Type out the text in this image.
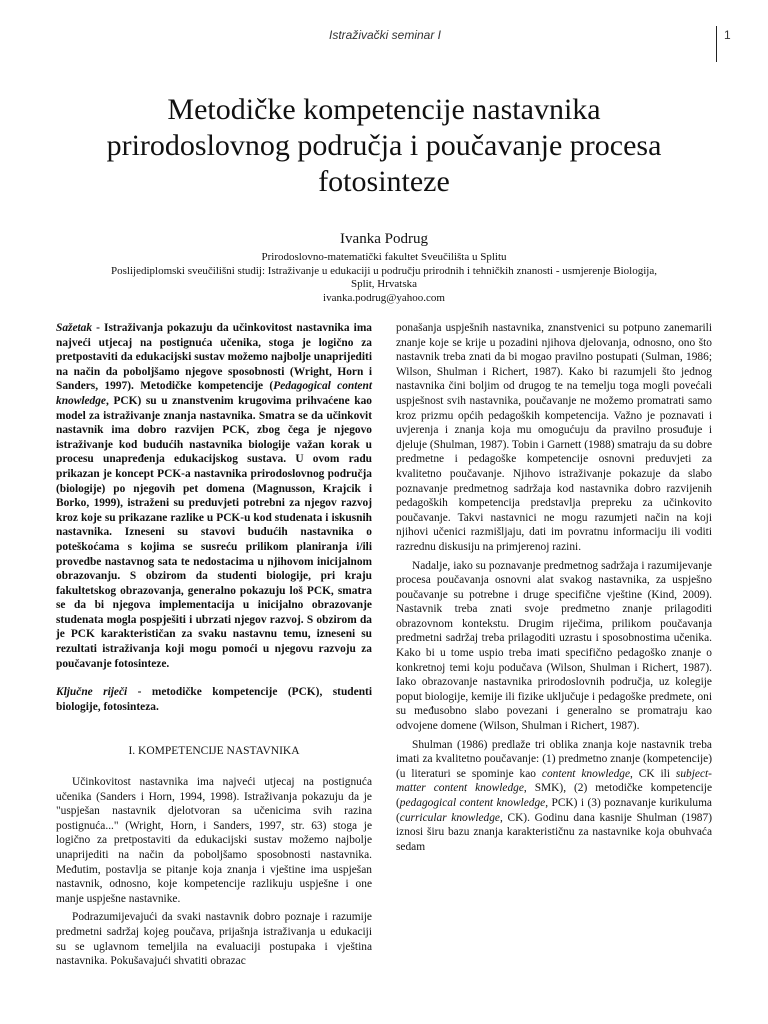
Istraživački seminar I	1
Metodičke kompetencije nastavnika prirodoslovnog područja i poučavanje procesa fotosinteze
Ivanka Podrug
Prirodoslovno-matematički fakultet Sveučilišta u Splitu
Poslijediplomski sveučilišni studij: Istraživanje u edukaciji u području prirodnih i tehničkih znanosti - usmjerenje Biologija,
Split, Hrvatska
ivanka.podrug@yahoo.com

Sažetak - Istraživanja pokazuju da učinkovitost nastavnika ima najveći utjecaj na postignuća učenika, stoga je logično za pretpostaviti da edukacijski sustav možemo najbolje unaprijediti na način da poboljšamo njegove sposobnosti (Wright, Horn i Sanders, 1997). Metodičke kompetencije (Pedagogical content knowledge, PCK) su u znanstvenim krugovima prihvaćene kao model za istraživanje znanja nastavnika. Smatra se da učinkovit nastavnik ima dobro razvijen PCK, zbog čega je njegovo istraživanje kod budućih nastavnika biologije važan korak u procesu unapređenja edukacijskog sustava. U ovom radu prikazan je koncept PCK-a nastavnika prirodoslovnog područja (biologije) po njegovih pet domena (Magnusson, Krajcik i Borko, 1999), istraženi su preduvjeti potrebni za njegov razvoj kroz koje su prikazane razlike u PCK-u kod studenata i iskusnih nastavnika. Izneseni su stavovi budućih nastavnika o poteškoćama s kojima se susreću prilikom planiranja i/ili provedbe nastavnog sata te nedostacima u njihovom inicijalnom obrazovanju. S obzirom da studenti biologije, pri kraju fakultetskog obrazovanja, generalno pokazuju loš PCK, smatra se da bi njegova implementacija u inicijalno obrazovanje studenata mogla pospješiti i ubrzati njegov razvoj. S obzirom da je PCK karakterističan za svaku nastavnu temu, izneseni su rezultati istraživanja koji mogu pomoći u njegovu razvoju za poučavanje fotosinteze.

Ključne riječi - metodičke kompetencije (PCK), studenti biologije, fotosinteza.

I. KOMPETENCIJE NASTAVNIKA

Učinkovitost nastavnika ima najveći utjecaj na postignuća učenika (Sanders i Horn, 1994, 1998). Istraživanja pokazuju da je "uspješan nastavnik djelotvoran sa učenicima svih razina postignuća..." (Wright, Horn, i Sanders, 1997, str. 63) stoga je logično za pretpostaviti da edukacijski sustav možemo najbolje unaprijediti na način da poboljšamo sposobnosti nastavnika. Međutim, postavlja se pitanje koja znanja i vještine ima uspješan nastavnik, odnosno, koje kompetencije razlikuju uspješne i one manje uspješne nastavnike.

Podrazumijevajući da svaki nastavnik dobro poznaje i razumije predmetni sadržaj kojeg poučava, prijašnja istraživanja u edukaciji su se uglavnom temeljila na evaluaciji postupaka i vještina nastavnika. Pokušavajući shvatiti obrazac

ponašanja uspješnih nastavnika, znanstvenici su potpuno zanemarili znanje koje se krije u pozadini njihova djelovanja, odnosno, ono što nastavnik treba znati da bi mogao pravilno postupati (Sulman, 1986; Wilson, Shulman i Richert, 1987). Kako bi razumjeli što jednog nastavnika čini boljim od drugog te na temelju toga mogli povećali uspješnost svih nastavnika, poučavanje ne možemo promatrati samo kroz prizmu općih pedagoških kompetencija. Važno je poznavati i uvjerenja i znanja koja mu omogućuju da pravilno prosuđuje i djeluje (Shulman, 1987). Tobin i Garnett (1988) smatraju da su dobre predmetne i pedagoške kompetencije osnovni preduvjeti za kvalitetno poučavanje. Njihovo istraživanje pokazuje da slabo poznavanje predmetnog sadržaja kod nastavnika dobro razvijenih pedagoških kompetencija predstavlja prepreku za učinkovito poučavanje. Takvi nastavnici ne mogu razumjeti način na koji njihovi učenici razmišljaju, dati im povratnu informaciju ili voditi razrednu diskusiju na primjerenoj razini.

Nadalje, iako su poznavanje predmetnog sadržaja i razumijevanje procesa poučavanja osnovni alat svakog nastavnika, za uspješno poučavanje su potrebne i druge specifične vještine (Kind, 2009). Nastavnik treba znati svoje predmetno znanje prilagoditi obrazovnom kontekstu. Drugim riječima, prilikom poučavanja predmetni sadržaj treba prilagoditi uzrastu i sposobnostima učenika. Kako bi u tome uspio treba imati specifično pedagoško znanje o konkretnoj temi koju podučava (Wilson, Shulman i Richert, 1987). Iako obrazovanje nastavnika prirodoslovnih područja, uz kolegije poput biologije, kemije ili fizike uključuje i pedagoške predmete, oni su međusobno slabo povezani i generalno se promatraju kao odvojene domene (Wilson, Shulman i Richert, 1987).

Shulman (1986) predlaže tri oblika znanja koje nastavnik treba imati za kvalitetno poučavanje: (1) predmetno znanje (kompetencije) (u literaturi se spominje kao content knowledge, CK ili subject-matter content knowledge, SMK), (2) metodičke kompetencije (pedagogical content knowledge, PCK) i (3) poznavanje kurikuluma (curricular knowledge, CK). Godinu dana kasnije Shulman (1987) iznosi širu bazu znanja karakterističnu za nastavnike koja obuhvaća sedam
